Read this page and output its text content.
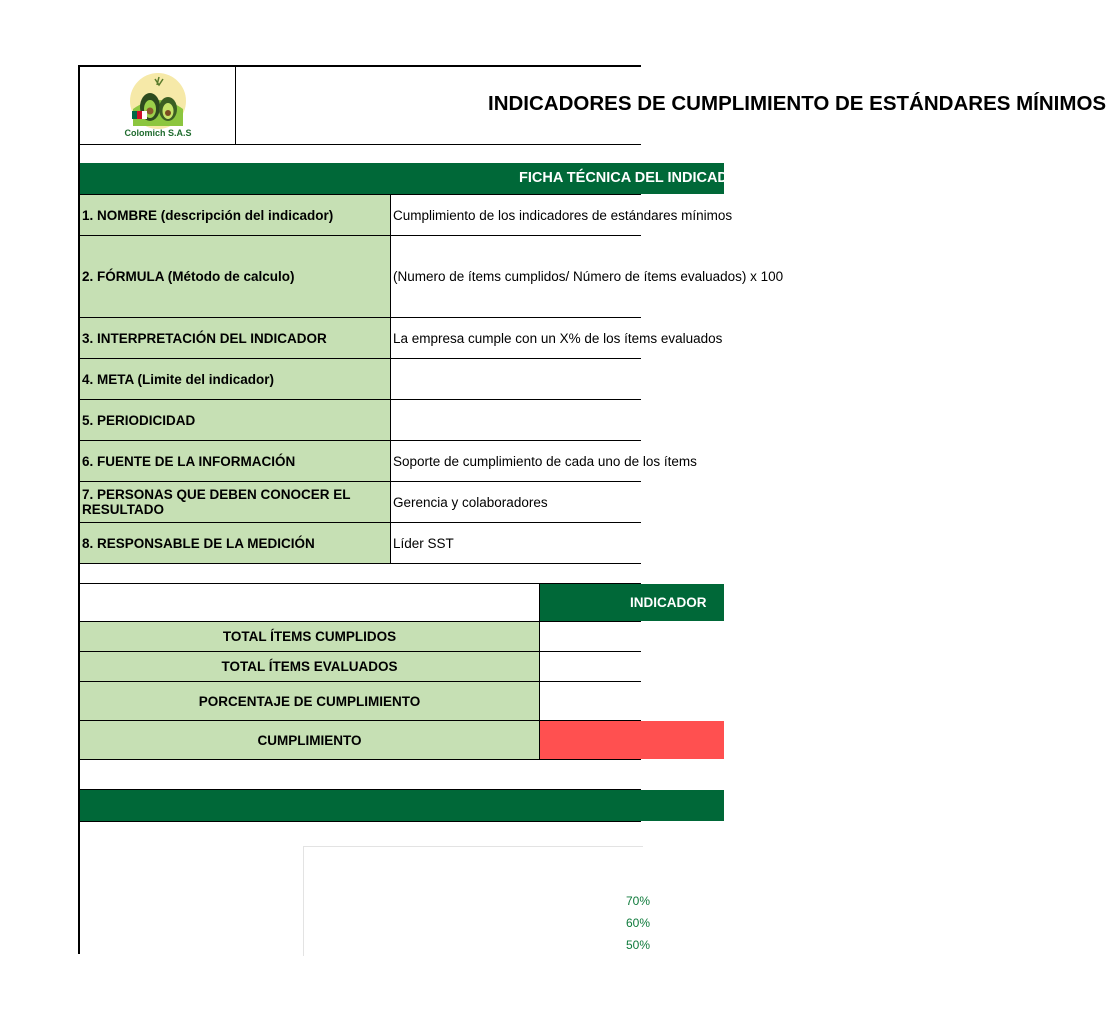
Colomich S.A.S
INDICADORES DE CUMPLIMIENTO DE ESTÁNDARES MÍNIMOS
FICHA TÉCNICA DEL INDICADOR
1. NOMBRE (descripción del indicador)	Cumplimiento de los indicadores de estándares mínimos
2. FÓRMULA (Método de calculo)	(Numero de ítems cumplidos/ Número de ítems evaluados) x 100
3. INTERPRETACIÓN DEL INDICADOR	La empresa cumple con un X% de los ítems evaluados
4. META (Limite del indicador)
5. PERIODICIDAD
6. FUENTE DE LA INFORMACIÓN	Soporte de cumplimiento de cada uno de los ítems
7. PERSONAS QUE DEBEN CONOCER EL RESULTADO	Gerencia y colaboradores
8. RESPONSABLE DE LA MEDICIÓN	Líder SST
INDICADOR
TOTAL ÍTEMS CUMPLIDOS
TOTAL ÍTEMS EVALUADOS
PORCENTAJE DE CUMPLIMIENTO
CUMPLIMIENTO
70%
60%
50%
